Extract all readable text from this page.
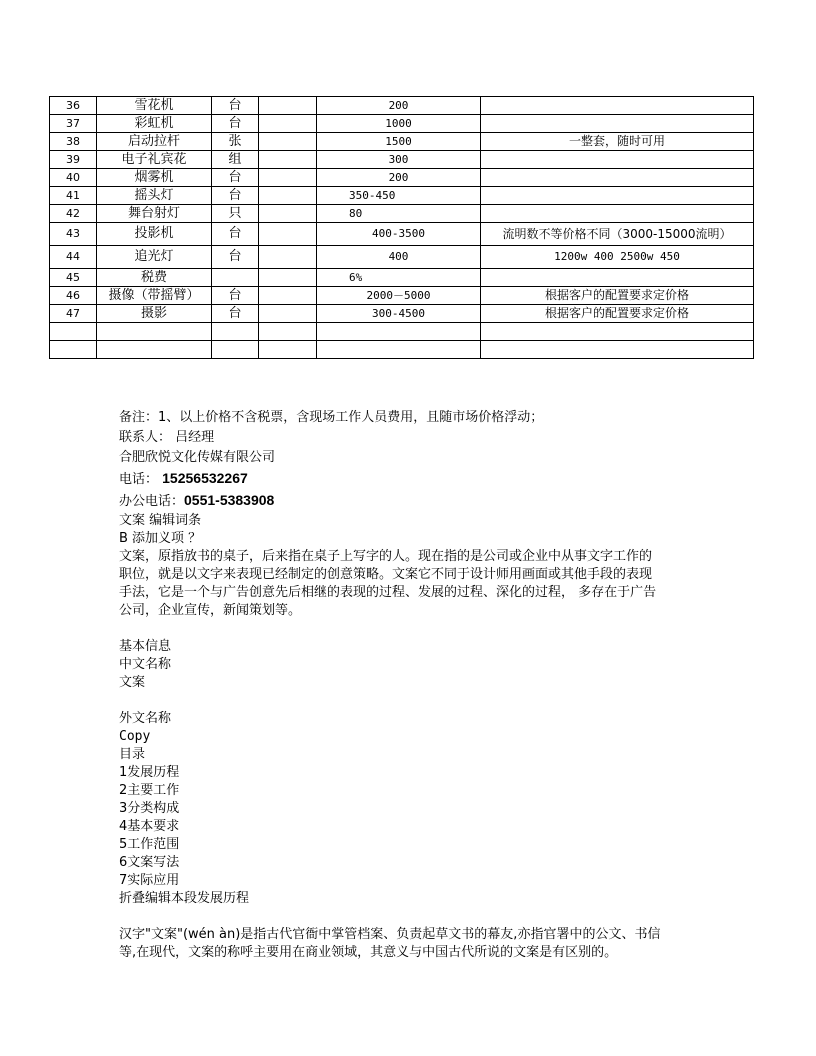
36	雪花机	台		200	
37	彩虹机	台		1000	
38	启动拉杆	张		1500	一整套，随时可用
39	电子礼宾花	组		300	
40	烟雾机	台		200	
41	摇头灯	台		350-450	
42	舞台射灯	只		80	
43	投影机	台		400-3500	流明数不等价格不同（3000-15000流明）
44	追光灯	台		400	1200w 400 2500w 450
45	税费			6%	
46	摄像（带摇臂）	台		2000－5000	根据客户的配置要求定价格
47	摄影	台		300-4500	根据客户的配置要求定价格

备注：1、以上价格不含税票，含现场工作人员费用，且随市场价格浮动；

联系人： 吕经理

合肥欣悦文化传媒有限公司

电话： 15256532267

办公电话：0551-5383908

文案 编辑词条

B 添加义项 ？

文案，原指放书的桌子，后来指在桌子上写字的人。现在指的是公司或企业中从事文字工作的

职位，就是以文字来表现已经制定的创意策略。文案它不同于设计师用画面或其他手段的表现

手法，它是一个与广告创意先后相继的表现的过程、发展的过程、深化的过程， 多存在于广告

公司，企业宣传，新闻策划等。

基本信息

中文名称

文案

外文名称

Copy

目录

1发展历程

2主要工作

3分类构成

4基本要求

5工作范围

6文案写法

7实际应用

折叠编辑本段发展历程

汉字"文案"(wén àn)是指古代官衙中掌管档案、负责起草文书的幕友,亦指官署中的公文、书信

等,在现代，文案的称呼主要用在商业领域，其意义与中国古代所说的文案是有区别的。
